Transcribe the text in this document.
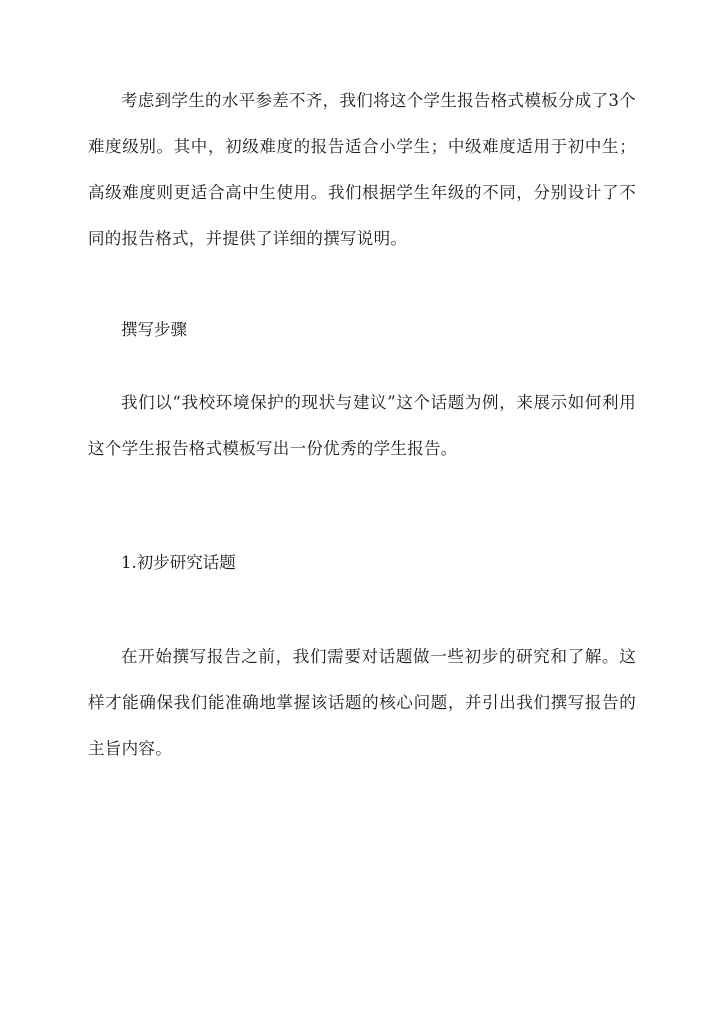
考虑到学生的水平参差不齐，我们将这个学生报告格式模板分成了3个难度级别。其中，初级难度的报告适合小学生；中级难度适用于初中生；高级难度则更适合高中生使用。我们根据学生年级的不同，分别设计了不同的报告格式，并提供了详细的撰写说明。

撰写步骤

我们以“我校环境保护的现状与建议”这个话题为例，来展示如何利用这个学生报告格式模板写出一份优秀的学生报告。

1.初步研究话题

在开始撰写报告之前，我们需要对话题做一些初步的研究和了解。这样才能确保我们能准确地掌握该话题的核心问题，并引出我们撰写报告的主旨内容。
